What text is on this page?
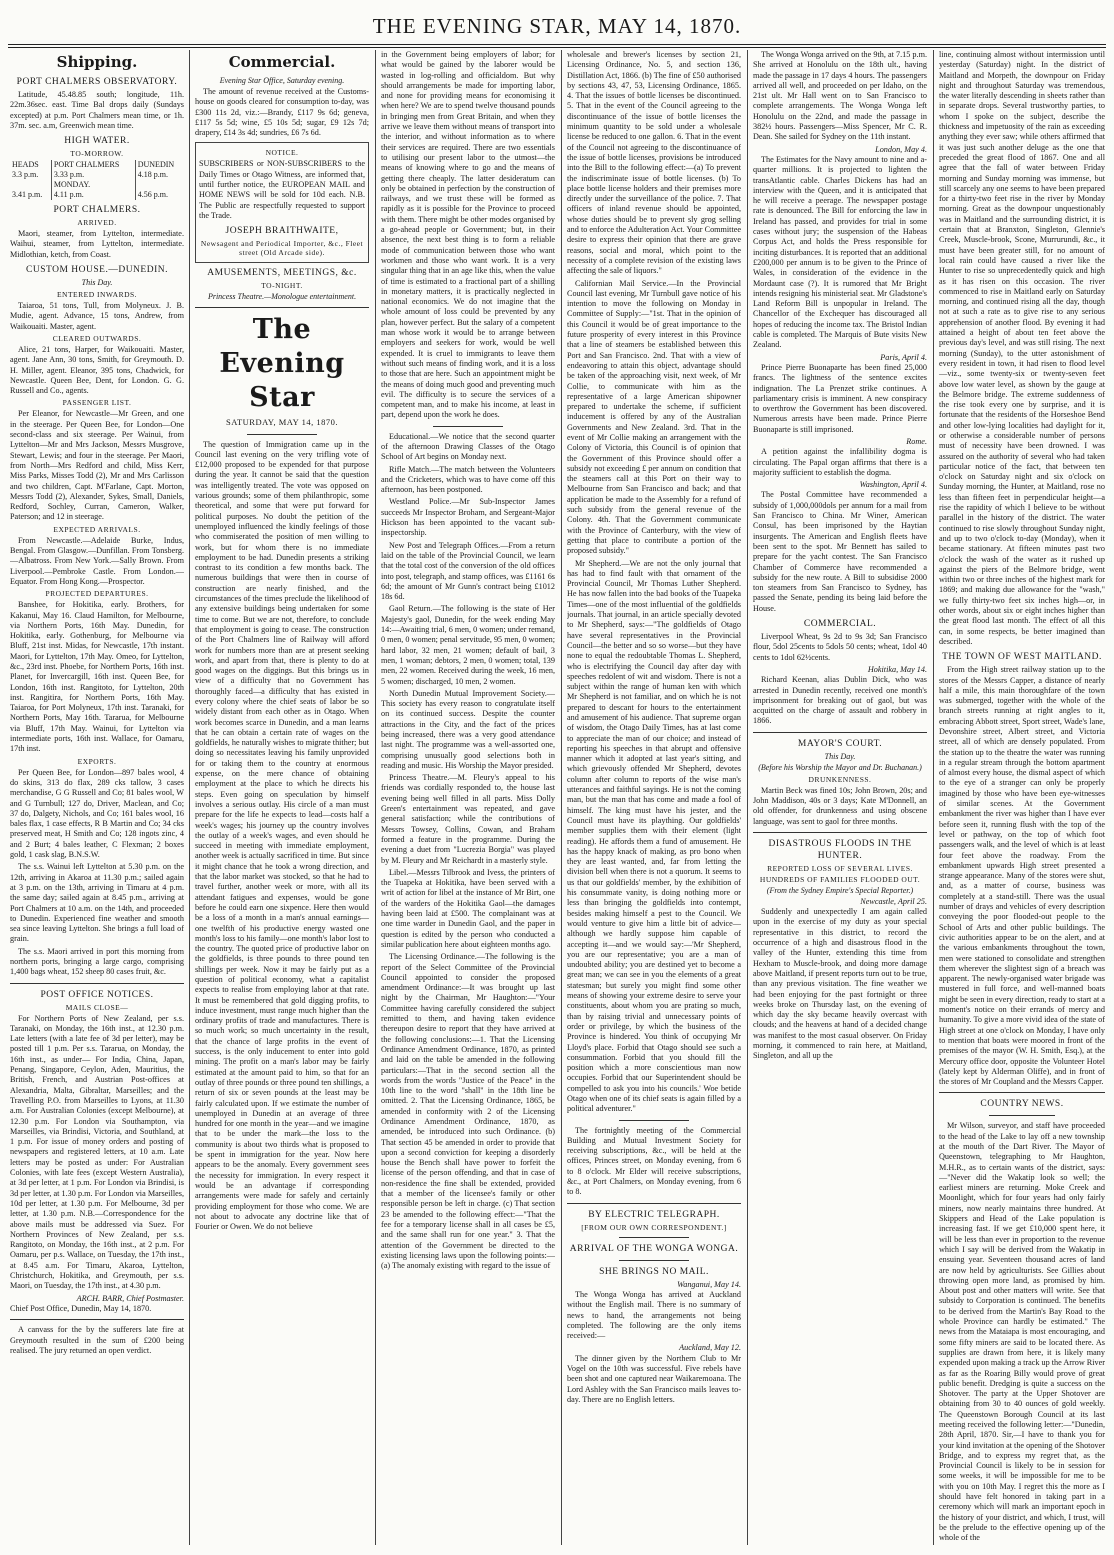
THE EVENING STAR, MAY 14, 1870.
Shipping.
PORT CHALMERS OBSERVATORY.

Latitude, 45.48.85 south; longitude, 11h. 22m.36sec. east. Time Bal drops daily (Sundays excepted) at p.m. Port Chalmers mean time, or 1h. 37m. sec. a.m, Greenwich mean time.

HIGH WATER.
TO-MORROW.
HEADS	PORT CHALMERS	DUNEDIN
3.3 p.m.	3.33 p.m.	4.18 p.m.
	MONDAY.	
3.41 p.m.	4.11 p.m.	4.56 p.m.
PORT CHALMERS.
ARRIVED.

Maori, steamer, from Lyttelton, intermediate. Waihui, steamer, from Lyttelton, intermediate. Midlothian, ketch, from Coast.

CUSTOM HOUSE.—DUNEDIN.
This Day.
ENTERED INWARDS.

Taiaroa, 51 tons, Tull, from Molyneux. J. B. Mudie, agent. Advance, 15 tons, Andrew, from Waikouaiti. Master, agent.

CLEARED OUTWARDS.

Alice, 21 tons, Harper, for Waikouaiti. Master, agent. Jane Ann, 30 tons, Smith, for Greymouth. D. H. Miller, agent. Eleanor, 395 tons, Chadwick, for Newcastle. Queen Bee, Dent, for London. G. G. Russell and Co., agents.

PASSENGER LIST.

Per Eleanor, for Newcastle—Mr Green, and one in the steerage. Per Queen Bee, for London—One second-class and six steerage. Per Wainui, from Lyttelton—Mr and Mrs Jackson, Messrs Musgrove, Stewart, Lewis; and four in the steerage. Per Maori, from North—Mrs Redford and child, Miss Kerr, Miss Parks, Misses Todd (2), Mr and Mrs Carlisson and two children, Capt. M'Farlane, Capt. Morton, Messrs Todd (2), Alexander, Sykes, Small, Daniels, Redford, Sochley, Curran, Cameron, Walker, Paterson; and 12 in steerage.

EXPECTED ARRIVALS.

From Newcastle.—Adelaide Burke, Indus, Bengal. From Glasgow.—Dunfillan. From Tonsberg.—Albatross. From New York.—Sally Brown. From Liverpool.—Pembroke Castle. From London.—Equator. From Hong Kong.—Prospector.

PROJECTED DEPARTURES.

Banshee, for Hokitika, early. Brothers, for Kakanui, May 16. Claud Hamilton, for Melbourne, via Northern Ports, 16th May. Dunedin, for Hokitika, early. Gothenburg, for Melbourne via Bluff, 21st inst. Midas, for Newcastle, 17th instant. Maori, for Lyttelton, 17th May. Omeo, for Lyttelton, &c., 23rd inst. Phoebe, for Northern Ports, 16th inst. Planet, for Invercargill, 16th inst. Queen Bee, for London, 16th inst. Rangitoto, for Lyttelton, 20th inst. Rangitira, for Northern Ports, 16th May. Taiaroa, for Port Molyneux, 17th inst. Taranaki, for Northern Ports, May 16th. Tararua, for Melbourne via Bluff, 17th May. Wainui, for Lyttelton via intermediate ports, 16th inst. Wallace, for Oamaru, 17th inst.

EXPORTS.

Per Queen Bee, for London—897 bales wool, 4 do skins, 313 do flax, 289 cks tallow, 3 cases merchandise, G G Russell and Co; 81 bales wool, W and G Turnbull; 127 do, Driver, Maclean, and Co; 37 do, Dalgety, Nichols, and Co; 161 bales wool, 16 bales flax, 1 case effects, R B Martin and Co; 34 cks preserved meat, H Smith and Co; 128 ingots zinc, 4 and 2 Burt; 4 bales leather, C Flexman; 2 boxes gold, 1 cask slag, B.N.S.W.

The s.s. Wainui left Lyttelton at 5.30 p.m. on the 12th, arriving in Akaroa at 11.30 p.m.; sailed again at 3 p.m. on the 13th, arriving in Timaru at 4 p.m. the same day; sailed again at 8.45 p.m., arriving at Port Chalmers at 10 a.m. on the 14th, and proceeded to Dunedin. Experienced fine weather and smooth sea since leaving Lyttelton. She brings a full load of grain.

The s.s. Maori arrived in port this morning from northern ports, bringing a large cargo, comprising 1,400 bags wheat, 152 sheep 80 cases fruit, &c.

POST OFFICE NOTICES.
MAILS CLOSE—

For Northern Ports of New Zealand, per s.s. Taranaki, on Monday, the 16th inst., at 12.30 p.m. Late letters (with a late fee of 3d per letter), may be posted till 1 p.m. Per s.s. Tararua, on Monday, the 16th inst., as under— For India, China, Japan, Penang, Singapore, Ceylon, Aden, Mauritius, the British, French, and Austrian Post-offices at Alexandria, Malta, Gibraltar, Marseilles; and the Travelling P.O. from Marseilles to Lyons, at 11.30 a.m. For Australian Colonies (except Melbourne), at 12.30 p.m. For London via Southampton, via Marseilles, via Brindisi, Victoria, and Southland, at 1 p.m. For issue of money orders and posting of newspapers and registered letters, at 10 a.m. Late letters may be posted as under: For Australian Colonies, with late fees (except Western Australia), at 3d per letter, at 1 p.m. For London via Brindisi, is 3d per letter, at 1.30 p.m. For London via Marseilles, 10d per letter, at 1.30 p.m. For Melbourne, 3d per letter, at 1.30 p.m. N.B.—Correspondence for the above mails must be addressed via Suez. For Northern Provinces of New Zealand, per s.s. Rangitoto, on Monday, the 16th inst., at 2 p.m. For Oamaru, per p.s. Wallace, on Tuesday, the 17th inst., at 8.45 a.m. For Timaru, Akaroa, Lyttelton, Christchurch, Hokitika, and Greymouth, per s.s. Maori, on Tuesday, the 17th inst., at 4.30 p.m.

ARCH. BARR, Chief Postmaster.

Chief Post Office, Dunedin, May 14, 1870.

A canvass for the by the sufferers late fire at Greymouth resulted in the sum of £200 being realised. The jury returned an open verdict.

Commercial.
Evening Star Office, Saturday evening.

The amount of revenue received at the Customs-house on goods cleared for consumption to-day, was £300 11s 2d, viz.:—Brandy, £117 9s 6d; geneva, £117 5s 5d; wine, £5 10s 5d; sugar, £9 12s 7d; drapery, £14 3s 4d; sundries, £6 7s 6d.

NOTICE.

SUBSCRIBERS or NON-SUBSCRIBERS to the Daily Times or Otago Witness, are informed that, until further notice, the EUROPEAN MAIL and HOME NEWS will be sold for 10d each. N.B. The Public are respectfully requested to support the Trade.

JOSEPH BRAITHWAITE,
Newsagent and Periodical Importer, &c., Fleet street (Old Arcade side).
AMUSEMENTS, MEETINGS, &c.
TO-NIGHT.
Princess Theatre.—Monologue entertainment.
The Evening Star
SATURDAY, MAY 14, 1870.

The question of Immigration came up in the Council last evening on the very trifling vote of £12,000 proposed to be expended for that purpose during the year. It cannot be said that the question was intelligently treated. The vote was opposed on various grounds; some of them philanthropic, some theoretical, and some that were put forward for political purposes. No doubt the petition of the unemployed influenced the kindly feelings of those who commiserated the position of men willing to work, but for whom there is no immediate employment to be had. Dunedin presents a striking contrast to its condition a few months back. The numerous buildings that were then in course of construction are nearly finished, and the circumstances of the times preclude the likelihood of any extensive buildings being undertaken for some time to come. But we are not, therefore, to conclude that employment is going to cease. The construction of the Port Chalmers line of Railway will afford work for numbers more than are at present seeking work, and apart from that, there is plenty to do at good wages on the diggings. But this brings us in view of a difficulty that no Government has thoroughly faced—a difficulty that has existed in every colony where the chief seats of labor be so widely distant from each other as in Otago. When work becomes scarce in Dunedin, and a man learns that he can obtain a certain rate of wages on the goldfields, he naturally wishes to migrate thither; but doing so necessitates leaving his family unprovided for or taking them to the country at enormous expense, on the mere chance of obtaining employment at the place to which he directs his steps. Even going on speculation by himself involves a serious outlay. His circle of a man must prepare for the life he expects to lead—costs half a week's wages; his journey up the country involves the outlay of a week's wages, and even should he succeed in meeting with immediate employment, another week is actually sacrificed in time. But since it might chance that he took a wrong direction, and that the labor market was stocked, so that he had to travel further, another week or more, with all its attendant fatigues and expenses, would be gone before he could earn one sixpence. Here then would be a loss of a month in a man's annual earnings—one twelfth of his productive energy wasted one month's loss to his family—one month's labor lost to the country. The quoted price of productive labor on the goldfields, is three pounds to three pound ten shillings per week. Now it may be fairly put as a question of political economy, what a capitalist expects to realise from employing labor at that rate. It must be remembered that gold digging profits, to induce investment, must range much higher than the ordinary profits of trade and manufactures. There is so much work; so much uncertainty in the result, that the chance of large profits in the event of success, is the only inducement to enter into gold mining. The profit on a man's labor may be fairly estimated at the amount paid to him, so that for an outlay of three pounds or three pound ten shillings, a return of six or seven pounds at the least may be fairly calculated upon. If we estimate the number of unemployed in Dunedin at an average of three hundred for one month in the year—and we imagine that to be under the mark—the loss to the community is about two thirds what is proposed to be spent in immigration for the year. Now here appears to be the anomaly. Every government sees the necessity for immigration. In every respect it would be an advantage if corresponding arrangements were made for safely and certainly providing employment for those who come. We are not about to advocate any doctrine like that of Fourier or Owen. We do not believe

in the Government being employers of labor; for what would be gained by the laborer would be wasted in log-rolling and officialdom. But why should arrangements be made for importing labor, and none for providing means for economising it when here? We are to spend twelve thousand pounds in bringing men from Great Britain, and when they arrive we leave them without means of transport into the interior, and without information as to where their services are required. There are two essentials to utilising our present labor to the utmost—the means of knowing where to go and the means of getting there cheaply. The latter desideratum can only be obtained in perfection by the construction of railways, and we trust these will be formed as rapidly as it is possible for the Province to proceed with them. There might be other modes organised by a go-ahead people or Government; but, in their absence, the next best thing is to form a reliable mode of communication between those who want workmen and those who want work. It is a very singular thing that in an age like this, when the value of time is estimated to a fractional part of a shilling in monetary matters, it is practically neglected in national economics. We do not imagine that the whole amount of loss could be prevented by any plan, however perfect. But the salary of a competent man whose work it would be to arrange between employers and seekers for work, would be well expended. It is cruel to immigrants to leave them without such means of finding work, and it is a loss to those that are here. Such an appointment might be the means of doing much good and preventing much evil. The difficulty is to secure the services of a competent man, and to make his income, at least in part, depend upon the work he does.

Educational.—We notice that the second quarter of the afternoon Drawing Classes of the Otago School of Art begins on Monday next.

Rifle Match.—The match between the Volunteers and the Cricketers, which was to have come off this afternoon, has been postponed.

Westland Police.—Mr Sub-Inspector James succeeds Mr Inspector Broham, and Sergeant-Major Hickson has been appointed to the vacant sub-inspectorship.

New Post and Telegraph Offices.—From a return laid on the table of the Provincial Council, we learn that the total cost of the conversion of the old offices into post, telegraph, and stamp offices, was £1161 6s 6d; the amount of Mr Gunn's contract being £1012 18s 6d.

Gaol Return.—The following is the state of Her Majesty's gaol, Dunedin, for the week ending May 14:—Awaiting trial, 6 men, 0 women; under remand, 0 men, 0 women; penal servitude, 95 men, 0 women; hard labor, 32 men, 21 women; default of bail, 3 men, 1 woman; debtors, 2 men, 0 women; total, 139 men, 22 women. Received during the week, 16 men, 5 women; discharged, 10 men, 2 women.

North Dunedin Mutual Improvement Society.—This society has every reason to congratulate itself on its continued success. Despite the counter attractions in the City, and the fact of the prices being increased, there was a very good attendance last night. The programme was a well-assorted one, comprising unusually good selections both in reading and music. His Worship the Mayor presided.

Princess Theatre.—M. Fleury's appeal to his friends was cordially responded to, the house last evening being well filled in all parts. Miss Dolly Green's entertainment was repeated, and gave general satisfaction; while the contributions of Messrs Towsey, Collins, Cowan, and Braham formed a feature in the programme. During the evening a duet from "Lucrezia Borgia" was played by M. Fleury and Mr Reichardt in a masterly style.

Libel.—Messrs Tilbrook and Ivess, the printers of the Tuapeka at Hokitika, have been served with a writ of action for libel at the instance of Mr Birt, one of the warders of the Hokitika Gaol—the damages having been laid at £500. The complainant was at one time warder in Dunedin Gaol, and the paper in question is edited by the person who conducted a similar publication here about eighteen months ago.

The Licensing Ordinance.—The following is the report of the Select Committee of the Provincial Council appointed to consider the proposed amendment Ordinance:—It was brought up last night by the Chairman, Mr Haughton:—"Your Committee having carefully considered the subject remitted to them, and having taken evidence thereupon desire to report that they have arrived at the following conclusions:—1. That the Licensing Ordinance Amendment Ordinance, 1870, as printed and laid on the table be amended in the following particulars:—That in the second section all the words from the words "Justice of the Peace" in the 10th line to the word "shall" in the 18th line be omitted. 2. That the Licensing Ordinance, 1865, be amended in conformity with 2 of the Licensing Ordinance Amendment Ordinance, 1870, as amended, be introduced into such Ordinance. (b) That section 45 be amended in order to provide that upon a second conviction for keeping a disorderly house the Bench shall have power to forfeit the license of the person offending, and that in case of non-residence the fine shall be extended, provided that a member of the licensee's family or other responsible person be left in charge. (c) That section 23 be amended to the following effect:—"That the fee for a temporary license shall in all cases be £5, and the same shall run for one year." 3. That the attention of the Government be directed to the existing licensing laws upon the following points:—(a) The anomaly existing with regard to the issue of

wholesale and brewer's licenses by section 21, Licensing Ordinance, No. 5, and section 136, Distillation Act, 1866. (b) The fine of £50 authorised by sections 43, 47, 53, Licensing Ordinance, 1865. 4. That the issues of bottle licenses be discontinued. 5. That in the event of the Council agreeing to the discontinuance of the issue of bottle licenses the minimum quantity to be sold under a wholesale license be reduced to one gallon. 6. That in the event of the Council not agreeing to the discontinuance of the issue of bottle licenses, provisions be introduced into the Bill to the following effect:—(a) To prevent the indiscriminate issue of bottle licenses. (b) To place bottle license holders and their premises more directly under the surveillance of the police. 7. That officers of inland revenue should be appointed, whose duties should be to prevent sly grog selling and to enforce the Adulteration Act. Your Committee desire to express their opinion that there are grave reasons, social and moral, which point to the necessity of a complete revision of the existing laws affecting the sale of liquors."

Californian Mail Service.—In the Provincial Council last evening, Mr Turnbull gave notice of his intention to move the following on Monday in Committee of Supply:—"1st. That in the opinion of this Council it would be of great importance to the future prosperity of every interest in this Province that a line of steamers be established between this Port and San Francisco. 2nd. That with a view of endeavoring to attain this object, advantage should be taken of the approaching visit, next week, of Mr Collie, to communicate with him as the representative of a large American shipowner prepared to undertake the scheme, if sufficient inducement is offered by any of the Australian Governments and New Zealand. 3rd. That in the event of Mr Collie making an arrangement with the Colony of Victoria, this Council is of opinion that the Government of this Province should offer a subsidy not exceeding £ per annum on condition that the steamers call at this Port on their way to Melbourne from San Francisco and back; and that application be made to the Assembly for a refund of such subsidy from the general revenue of the Colony. 4th. That the Government communicate with the Province of Canterbury, with the view of getting that place to contribute a portion of the proposed subsidy."

Mr Shepherd.—We are not the only journal that has had to find fault with that ornament of the Provincial Council, Mr Thomas Luther Shepherd. He has now fallen into the bad books of the Tuapeka Times—one of the most influential of the goldfields journals. That journal, in an article specially devoted to Mr Shepherd, says:—"The goldfields of Otago have several representatives in the Provincial Council—the better and so so worse—but they have none to equal the redoubtable Thomas L. Shepherd, who is electrifying the Council day after day with speeches redolent of wit and wisdom. There is not a subject within the range of human ken with which Mr Shepherd is not familiar, and on which he is not prepared to descant for hours to the entertainment and amusement of his audience. That supreme organ of wisdom, the Otago Daily Times, has at last come to appreciate the man of our choice; and instead of reporting his speeches in that abrupt and offensive manner which it adopted at last year's sitting, and which grievously offended Mr Shepherd, devotes column after column to reports of the wise man's utterances and faithful sayings. He is not the coming man, but the man that has come and made a fool of himself. The king must have his jester, and the Council must have its plaything. Our goldfields' member supplies them with their element (light reading). He affords them a fund of amusement. He has the happy knack of making, as pro bono when they are least wanted, and, far from letting the division bell when there is not a quorum. It seems to us that our goldfields' member, by the exhibition of his consummate vanity, is doing nothing more or less than bringing the goldfields into contempt, besides making himself a pest to the Council. We would venture to give him a little bit of advice—although we hardly suppose him capable of accepting it—and we would say:—'Mr Shepherd, you are our representative; you are a man of undoubted ability; you are destined yet to become a great man; we can see in you the elements of a great statesman; but surely you might find some other means of showing your extreme desire to serve your constituents, about whom you are prating so much, than by raising trivial and unnecessary points of order or privilege, by which the business of the Province is hindered. You think of occupying Mr Lloyd's place. Forbid that Otago should see such a consummation. Forbid that you should fill the position which a more conscientious man now occupies. Forbid that our Superintendent should be compelled to ask you into his councils.' Woe betide Otago when one of its chief seats is again filled by a political adventurer."

The fortnightly meeting of the Commercial Building and Mutual Investment Society for receiving subscriptions, &c., will be held at the offices, Princes street, on Monday evening, from 6 to 8 o'clock. Mr Elder will receive subscriptions, &c., at Port Chalmers, on Monday evening, from 6 to 8.

BY ELECTRIC TELEGRAPH.
[FROM OUR OWN CORRESPONDENT.]
ARRIVAL OF THE WONGA WONGA.
SHE BRINGS NO MAIL.
Wanganui, May 14.

The Wonga Wonga has arrived at Auckland without the English mail. There is no summary of news to hand, the arrangements not being completed. The following are the only items received:—

Auckland, May 12.

The dinner given by the Northern Club to Mr Vogel on the 10th was successful. Five rebels have been shot and one captured near Waikaremoana. The Lord Ashley with the San Francisco mails leaves to-day. There are no English letters.

The Wonga Wonga arrived on the 9th, at 7.15 p.m. She arrived at Honolulu on the 18th ult., having made the passage in 17 days 4 hours. The passengers arrived all well, and proceeded on per Idaho, on the 21st ult. Mr Hall went on to San Francisco to complete arrangements. The Wonga Wonga left Honolulu on the 22nd, and made the passage in 382½ hours. Passengers—Miss Spencer, Mr C. R. Dean. She sailed for Sydney on the 11th instant.

London, May 4.

The Estimates for the Navy amount to nine and a-quarter millions. It is projected to lighten the transAtlantic cable. Charles Dickens has had an interview with the Queen, and it is anticipated that he will receive a peerage. The newspaper postage rate is denounced. The Bill for enforcing the law in Ireland has passed, and provides for trial in some cases without jury; the suspension of the Habeas Corpus Act, and holds the Press responsible for inciting disturbances. It is reported that an additional £200,000 per annum is to be given to the Prince of Wales, in consideration of the evidence in the Mordaunt case (?). It is rumored that Mr Bright intends resigning his ministerial seat. Mr Gladstone's Land Reform Bill is unpopular in Ireland. The Chancellor of the Exchequer has discouraged all hopes of reducing the income tax. The Bristol Indian cable is completed. The Marquis of Bute visits New Zealand.

Paris, April 4.

Prince Pierre Buonaparte has been fined 25,000 francs. The lightness of the sentence excites indignation. The La Prenzet strike continues. A parliamentary crisis is imminent. A new conspiracy to overthrow the Government has been discovered. Numerous arrests have been made. Prince Pierre Buonaparte is still imprisoned.

Rome.

A petition against the infallibility dogma is circulating. The Papal organ affirms that there is a majority sufficient to establish the dogma.

Washington, April 4.

The Postal Committee have recommended a subsidy of 1,000,000dols per annum for a mail from San Francisco to China. Mr Winer, American Consul, has been imprisoned by the Haytian insurgents. The American and English fleets have been sent to the spot. Mr Bennett has sailed to prepare for the yacht contest. The San Francisco Chamber of Commerce have recommended a subsidy for the new route. A Bill to subsidise 2000 ton steamers from San Francisco to Sydney, has passed the Senate, pending its being laid before the House.

COMMERCIAL.

Liverpool Wheat, 9s 2d to 9s 3d; San Francisco flour, 5dol 25cents to 5dols 50 cents; wheat, 1dol 40 cents to 1dol 62½cents.

Hokitika, May 14.

Richard Keenan, alias Dublin Dick, who was arrested in Dunedin recently, received one month's imprisonment for breaking out of gaol, but was acquitted on the charge of assault and robbery in 1866.

MAYOR'S COURT.
This Day.
(Before his Worship the Mayor and Dr. Buchanan.)
DRUNKENNESS.

Martin Beck was fined 10s; John Brown, 20s; and John Maddison, 40s or 3 days; Kate M'Donnell, an old offender, for drunkenness and using obscene language, was sent to gaol for three months.

DISASTROUS FLOODS IN THE HUNTER.
REPORTED LOSS OF SEVERAL LIVES.
HUNDREDS OF FAMILIES FLOODED OUT.
(From the Sydney Empire's Special Reporter.)
Newcastle, April 25.

Suddenly and unexpectedly I am again called upon in the exercise of my duty as your special representative in this district, to record the occurrence of a high and disastrous flood in the valley of the Hunter, extending this time from Hexham to Muscle-brook, and doing more damage above Maitland, if present reports turn out to be true, than any previous visitation. The fine weather we had been enjoying for the past fortnight or three weeks broke on Thursday last, on the evening of which day the sky became heavily overcast with clouds; and the heavens at hand of a decided change was manifest to the most casual observer. On Friday morning, it commenced to rain here, at Maitland, Singleton, and all up the

line, continuing almost without intermission until yesterday (Saturday) night. In the district of Maitland and Morpeth, the downpour on Friday night and throughout Saturday was tremendous, the water literally descending in sheets rather than in separate drops. Several trustworthy parties, to whom I spoke on the subject, describe the thickness and impetuosity of the rain as exceeding anything they ever saw; while others affirmed that it was just such another deluge as the one that preceded the great flood of 1867. One and all agree that the fall of water between Friday morning and Sunday morning was immense, but still scarcely any one seems to have been prepared for a thirty-two feet rise in the river by Monday morning. Great as the downpour unquestionably was in Maitland and the surrounding district, it is certain that at Branxton, Singleton, Glennie's Creek, Muscle-brook, Scone, Murrurundi, &c., it must have been greater still, for no amount of local rain could have caused a river like the Hunter to rise so unprecedentedly quick and high as it has risen on this occasion. The river commenced to rise in Maitland early on Saturday morning, and continued rising all the day, though not at such a rate as to give rise to any serious apprehension of another flood. By evening it had attained a height of about ten feet above the previous day's level, and was still rising. The next morning (Sunday), to the utter astonishment of every resident in town, it had risen to flood level—viz., some twenty-six or twenty-seven feet above low water level, as shown by the gauge at the Belmore bridge. The extreme suddenness of the rise took every one by surprise, and it is fortunate that the residents of the Horseshoe Bend and other low-lying localities had daylight for it, or otherwise a considerable number of persons must of necessity have been drowned. I was assured on the authority of several who had taken particular notice of the fact, that between ten o'clock on Saturday night and six o'clock on Sunday morning, the Hunter, at Maitland, rose no less than fifteen feet in perpendicular height—a rise the rapidity of which I believe to be without parallel in the history of the district. The water continued to rise slowly throughout Sunday night, and up to two o'clock to-day (Monday), when it became stationary. At fifteen minutes past two o'clock the wash of the water as it rushed up against the piers of the Belmore bridge, went within two or three inches of the highest mark for 1869; and making due allowance for the "wash," we fully thirty-two feet six inches high—or, in other words, about six or eight inches higher than the great flood last month. The effect of all this can, in some respects, be better imagined than described.

THE TOWN OF WEST MAITLAND.

From the High street railway station up to the stores of the Messrs Capper, a distance of nearly half a mile, this main thoroughfare of the town was submerged, together with the whole of the branch streets running at right angles to it, embracing Abbott street, Sport street, Wade's lane, Devonshire street, Albert street, and Victoria street, all of which are densely populated. From the station up to the theatre the water was running in a regular stream through the bottom apartment of almost every house, the dismal aspect of which to the eye of a stranger can only be properly imagined by those who have been eye-witnesses of similar scenes. At the Government embankment the river was higher than I have ever before seen it, running flush with the top of the level or pathway, on the top of which foot passengers walk, and the level of which is at least four feet above the roadway. From the embankment upwards High street presented a strange appearance. Many of the stores were shut, and, as a matter of course, business was completely at a stand-still. There was the usual number of drays and vehicles of every description conveying the poor flooded-out people to the School of Arts and other public buildings. The civic authorities appear to be on the alert, and at the various embankments throughout the town, men were stationed to consolidate and strengthen them wherever the slightest sign of a breach was apparent. The newly-organised water brigade was mustered in full force, and well-manned boats might be seen in every direction, ready to start at a moment's notice on their errands of mercy and humanity. To give a more vivid idea of the state of High street at one o'clock on Monday, I have only to mention that boats were moored in front of the premises of the mayor (W. H. Smith, Esq.), at the Mercury office door, opposite the Volunteer Hotel (lately kept by Alderman Oliffe), and in front of the stores of Mr Coupland and the Messrs Capper.

COUNTRY NEWS.

Mr Wilson, surveyor, and staff have proceeded to the head of the Lake to lay off a new township at the mouth of the Dart River. The Mayor of Queenstown, telegraphing to Mr Haughton, M.H.R., as to certain wants of the district, says:—"Never did the Wakatip look so well; the earliest miners are returning. Moke Creek and Moonlight, which for four years had only fairly miners, now nearly maintains three hundred. At Skippers and Head of the Lake population is increasing fast. If we get £10,000 spent here, it will be less than ever in proportion to the revenue which I say will be derived from the Wakatip in ensuing year. Seventeen thousand acres of land are now held by agriculturists. See Gillies about throwing open more land, as promised by him. About post and other matters will write. See that subsidy to Corporation is continued. The benefits to be derived from the Martin's Bay Road to the whole Province can hardly be estimated." The news from the Mataiapa is most encouraging, and some fifty miners are said to be located there. As supplies are drawn from here, it is likely many expended upon making a track up the Arrow River as far as the Roaring Billy would prove of great public benefit. Dredging is quite a success on the Shotover. The party at the Upper Shotover are obtaining from 30 to 40 ounces of gold weekly. The Queenstown Borough Council at its last meeting received the following letter:—"Dunedin, 28th April, 1870. Sir,—I have to thank you for your kind invitation at the opening of the Shotover Bridge, and to express my regret that, as the Provincial Council is likely to be in session for some weeks, it will be impossible for me to be with you on 10th May. I regret this the more as I should have felt honored in taking part in a ceremony which will mark an important epoch in the history of your district, and which, I trust, will be the prelude to the effective opening up of the whole of the
